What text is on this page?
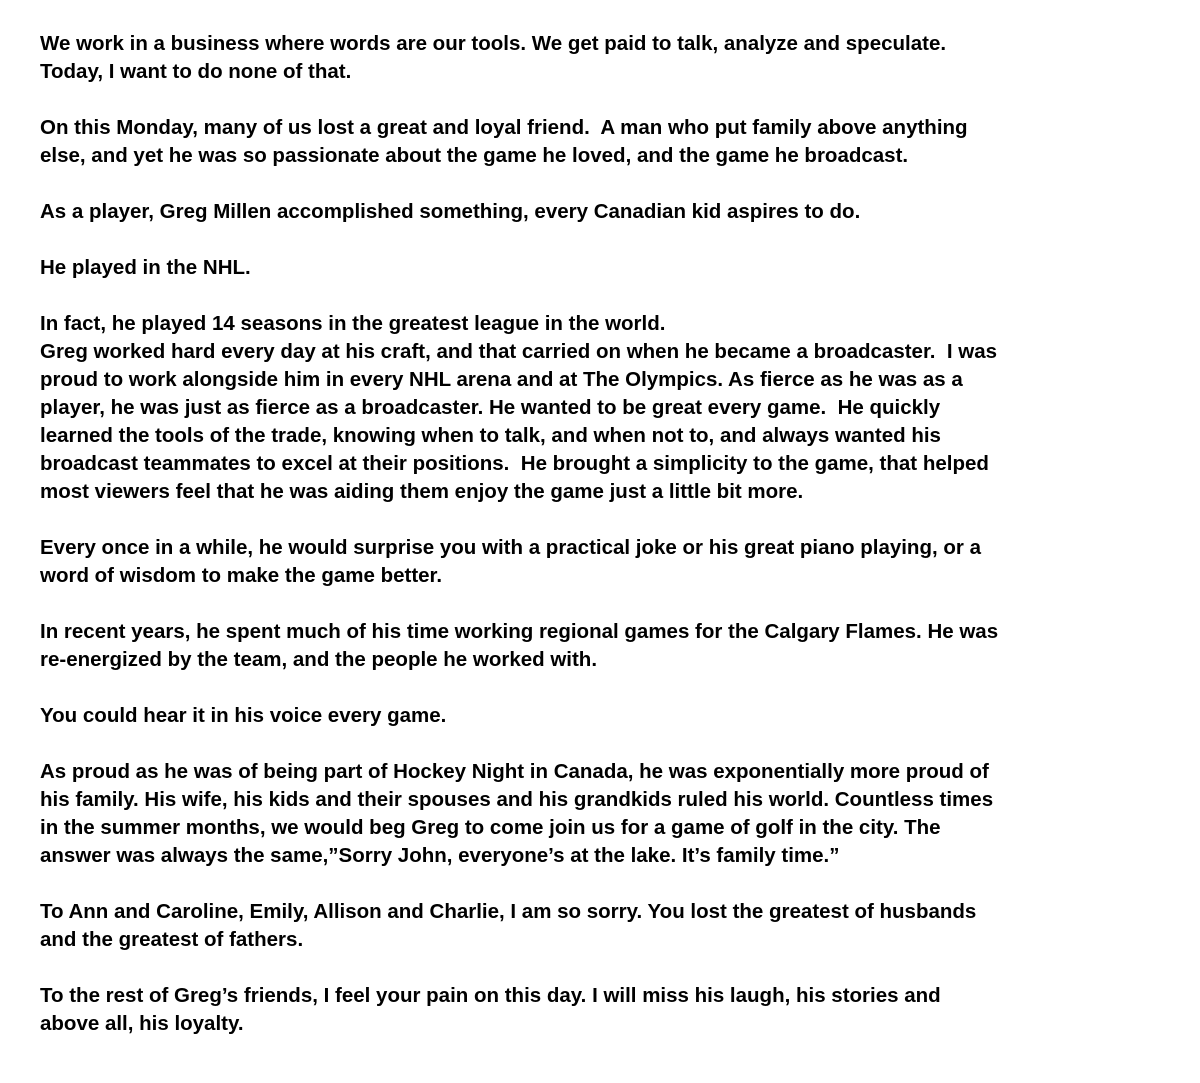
We work in a business where words are our tools. We get paid to talk, analyze and speculate.
Today, I want to do none of that.
On this Monday, many of us lost a great and loyal friend.  A man who put family above anything
else, and yet he was so passionate about the game he loved, and the game he broadcast.
As a player, Greg Millen accomplished something, every Canadian kid aspires to do.
He played in the NHL.
In fact, he played 14 seasons in the greatest league in the world.
Greg worked hard every day at his craft, and that carried on when he became a broadcaster.  I was
proud to work alongside him in every NHL arena and at The Olympics. As fierce as he was as a
player, he was just as fierce as a broadcaster. He wanted to be great every game.  He quickly
learned the tools of the trade, knowing when to talk, and when not to, and always wanted his
broadcast teammates to excel at their positions.  He brought a simplicity to the game, that helped
most viewers feel that he was aiding them enjoy the game just a little bit more.
Every once in a while, he would surprise you with a practical joke or his great piano playing, or a
word of wisdom to make the game better.
In recent years, he spent much of his time working regional games for the Calgary Flames. He was
re-energized by the team, and the people he worked with.
You could hear it in his voice every game.
As proud as he was of being part of Hockey Night in Canada, he was exponentially more proud of
his family. His wife, his kids and their spouses and his grandkids ruled his world. Countless times
in the summer months, we would beg Greg to come join us for a game of golf in the city. The
answer was always the same,”Sorry John, everyone’s at the lake. It’s family time.”
To Ann and Caroline, Emily, Allison and Charlie, I am so sorry. You lost the greatest of husbands
and the greatest of fathers.
To the rest of Greg’s friends, I feel your pain on this day. I will miss his laugh, his stories and
above all, his loyalty.
